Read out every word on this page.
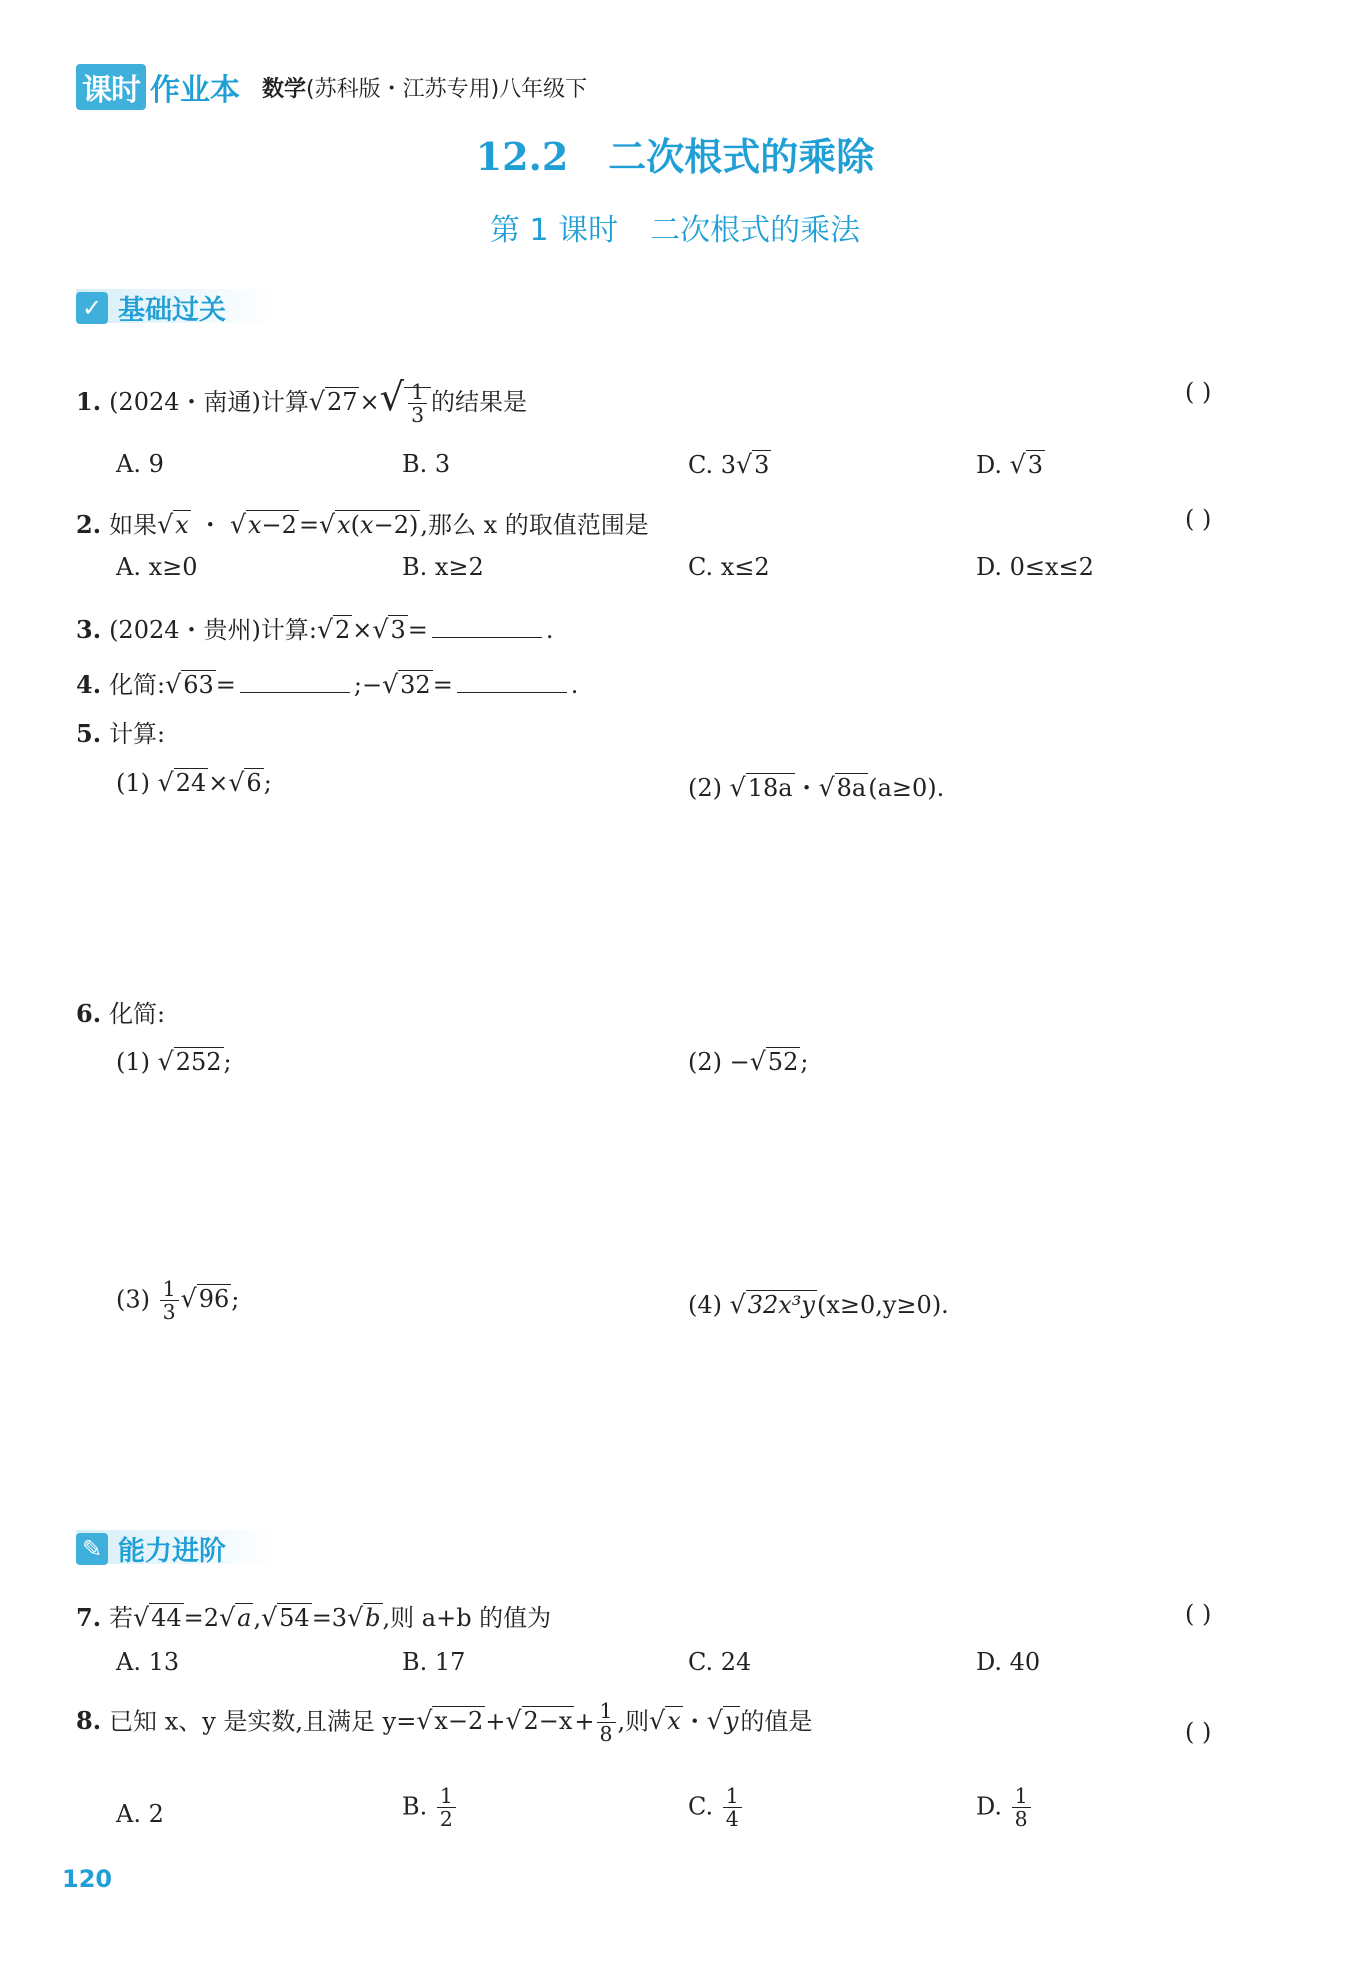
课时 作业本 数学(苏科版・江苏专用)八年级下
12.2 二次根式的乘除
第 1 课时 二次根式的乘法
✓ 基础过关
1. (2024・南通)计算$√27\times√ \frac{1}{3}$ 的结果是	( )
A. 9	B. 3	C. 3√3	D. √3
2. 如果√x ・ √x−2=√x(x−2),那么 x 的取值范围是	( )
A. x≥0	B. x≥2	C. x≤2	D. 0≤x≤2
3. (2024・贵州)计算:√2×√3=	.
4. 化简:√63=	;−√32=	.
5. 计算:
(1) √24×√6;	(2) √18a・√8a(a≥0).
6. 化简:
(1) √252;	(2) −√52;
$(3) \frac{1}{3} √96$;	(4) √32x³y(x≥0,y≥0).
✎ 能力进阶
7. 若√44=2√a,√54=3√b,则 a+b 的值为	( )
A. 13	B. 17	C. 24	D. 40
8. 已知 x、y 是实数,且满足 $y=√x-2+√2-x+ \frac{1}{8}$ ,则√x・√y的值是	( )
A. 2	B. $\frac{1}{2}$	C. $\frac{1}{4}$	D. $\frac{1}{8}$
120
